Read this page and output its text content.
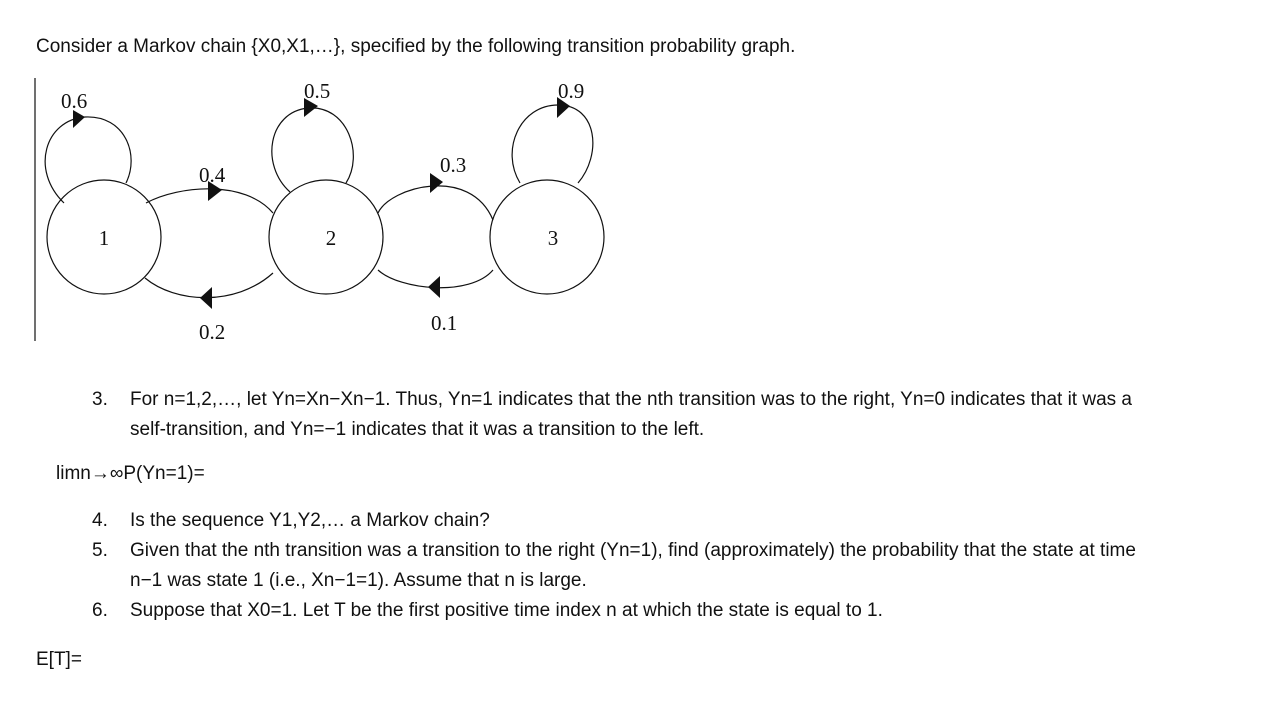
Consider a Markov chain {X0,X1,…}, specified by the following transition probability graph.
1	2	3
0.6	0.5	0.9
0.4
0.2
0.3
0.1
3. For n=1,2,…, let Yn=Xn−Xn−1. Thus, Yn=1 indicates that the nth transition was to the right, Yn=0 indicates that it was a self-transition, and Yn=−1 indicates that it was a transition to the left.
limn→∞P(Yn=1)=
4. Is the sequence Y1,Y2,… a Markov chain?
5. Given that the nth transition was a transition to the right (Yn=1), find (approximately) the probability that the state at time n−1 was state 1 (i.e., Xn−1=1). Assume that n is large.
6. Suppose that X0=1. Let T be the first positive time index n at which the state is equal to 1.
E[T]=
